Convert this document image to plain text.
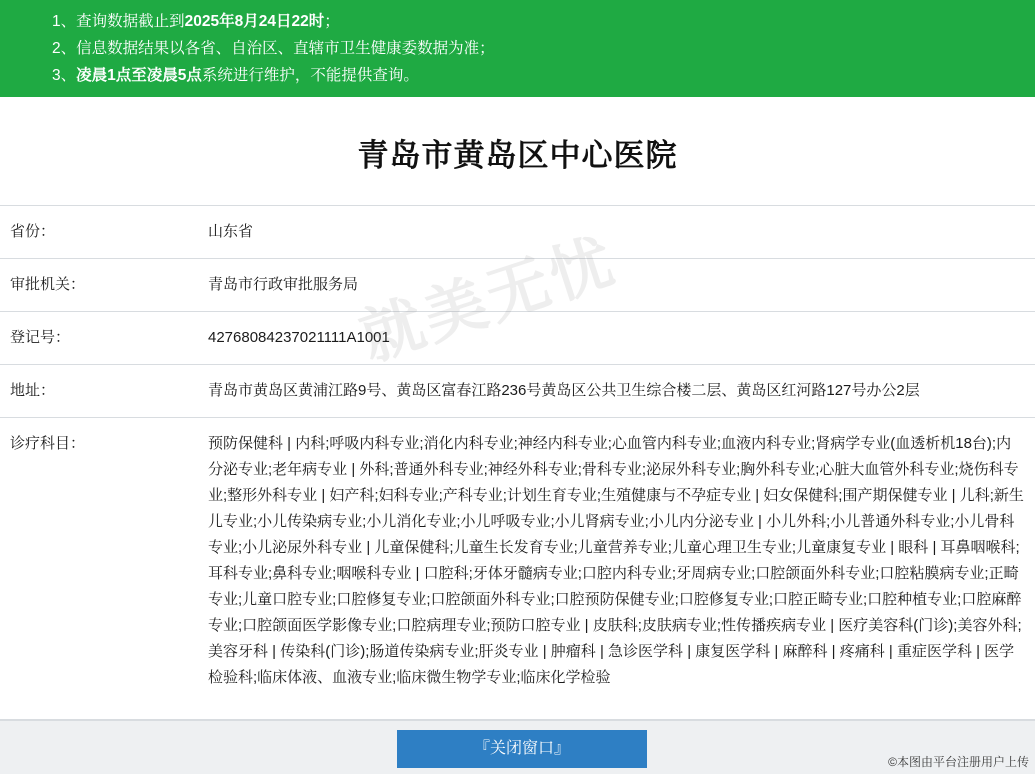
1、查询数据截止到2025年8月24日22时；
2、信息数据结果以各省、自治区、直辖市卫生健康委数据为准；
3、凌晨1点至凌晨5点系统进行维护，不能提供查询。
青岛市黄岛区中心医院
省份：	山东省
审批机关：	青岛市行政审批服务局
登记号：	42768084237021111A1001
地址：	青岛市黄岛区黄浦江路9号、黄岛区富春江路236号黄岛区公共卫生综合楼二层、黄岛区红河路127号办公2层
诊疗科目：	预防保健科 | 内科;呼吸内科专业;消化内科专业;神经内科专业;心血管内科专业;血液内科专业;肾病学专业(血透析机18台);内分泌专业;老年病专业 | 外科;普通外科专业;神经外科专业;骨科专业;泌尿外科专业;胸外科专业;心脏大血管外科专业;烧伤科专业;整形外科专业 | 妇产科;妇科专业;产科专业;计划生育专业;生殖健康与不孕症专业 | 妇女保健科;围产期保健专业 | 儿科;新生儿专业;小儿传染病专业;小儿消化专业;小儿呼吸专业;小儿肾病专业;小儿内分泌专业 | 小儿外科;小儿普通外科专业;小儿骨科专业;小儿泌尿外科专业 | 儿童保健科;儿童生长发育专业;儿童营养专业;儿童心理卫生专业;儿童康复专业 | 眼科 | 耳鼻咽喉科;耳科专业;鼻科专业;咽喉科专业 | 口腔科;牙体牙髓病专业;口腔内科专业;牙周病专业;口腔颌面外科专业;口腔粘膜病专业;正畸专业;儿童口腔专业;口腔修复专业;口腔颌面外科专业;口腔预防保健专业;口腔修复专业;口腔正畸专业;口腔种植专业;口腔麻醉专业;口腔颌面医学影像专业;口腔病理专业;预防口腔专业 | 皮肤科;皮肤病专业;性传播疾病专业 | 医疗美容科(门诊);美容外科;美容牙科 | 传染科(门诊);肠道传染病专业;肝炎专业 | 肿瘤科 | 急诊医学科 | 康复医学科 | 麻醉科 | 疼痛科 | 重症医学科 | 医学检验科;临床体液、血液专业;临床微生物学专业;临床化学检验
就美无忧
『关闭窗口』
©本图由平台注册用户上传
